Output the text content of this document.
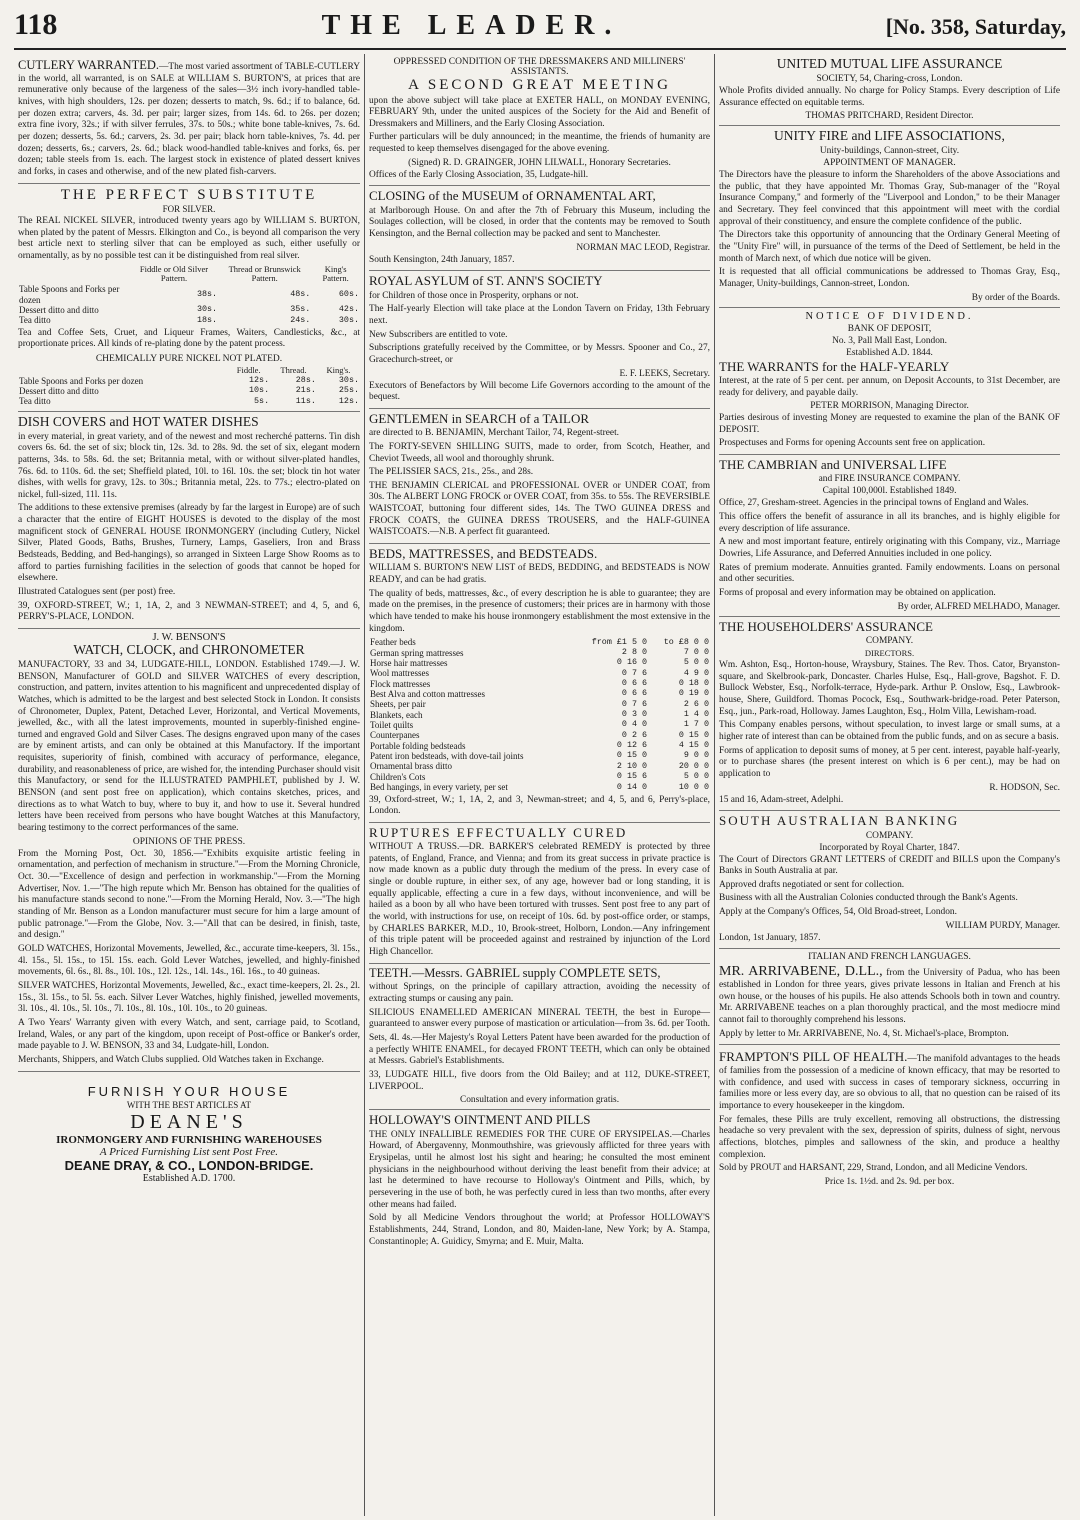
118	THE LEADER.	[No. 358, Saturday,

CUTLERY WARRANTED.—The most varied assortment of TABLE-CUTLERY in the world, all warranted, is on SALE at WILLIAM S. BURTON'S, at prices that are remunerative only because of the largeness of the sales—3½ inch ivory-handled table-knives, with high shoulders, 12s. per dozen; desserts to match, 9s. 6d.; if to balance, 6d. per dozen extra; carvers, 4s. 3d. per pair; larger sizes, from 14s. 6d. to 26s. per dozen; extra fine ivory, 32s.; if with silver ferrules, 37s. to 50s.; white bone table-knives, 7s. 6d. per dozen; desserts, 5s. 6d.; carvers, 2s. 3d. per pair; black horn table-knives, 7s. 4d. per dozen; desserts, 6s.; carvers, 2s. 6d.; black wood-handled table-knives and forks, 6s. per dozen; table steels from 1s. each. The largest stock in existence of plated dessert knives and forks, in cases and otherwise, and of the new plated fish-carvers.

THE PERFECT SUBSTITUTE
FOR SILVER.

The REAL NICKEL SILVER, introduced twenty years ago by WILLIAM S. BURTON, when plated by the patent of Messrs. Elkington and Co., is beyond all comparison the very best article next to sterling silver that can be employed as such, either usefully or ornamentally, as by no possible test can it be distinguished from real silver.

	Fiddle or Old Silver Pattern.	Thread or Brunswick Pattern.	King's Pattern.
Table Spoons and Forks per dozen	38s.	48s.	60s.
Dessert ditto and ditto	30s.	35s.	42s.
Tea ditto	18s.	24s.	30s.

Tea and Coffee Sets, Cruet, and Liqueur Frames, Waiters, Candlesticks, &c., at proportionate prices. All kinds of re-plating done by the patent process.

CHEMICALLY PURE NICKEL NOT PLATED.
	Fiddle.	Thread.	King's.
Table Spoons and Forks per dozen	12s.	28s.	30s.
Dessert ditto and ditto	10s.	21s.	25s.
Tea ditto	5s.	11s.	12s.
DISH COVERS and HOT WATER DISHES

in every material, in great variety, and of the newest and most recherché patterns. Tin dish covers 6s. 6d. the set of six; block tin, 12s. 3d. to 28s. 9d. the set of six, elegant modern patterns, 34s. to 58s. 6d. the set; Britannia metal, with or without silver-plated handles, 76s. 6d. to 110s. 6d. the set; Sheffield plated, 10l. to 16l. 10s. the set; block tin hot water dishes, with wells for gravy, 12s. to 30s.; Britannia metal, 22s. to 77s.; electro-plated on nickel, full-sized, 11l. 11s.

The additions to these extensive premises (already by far the largest in Europe) are of such a character that the entire of EIGHT HOUSES is devoted to the display of the most magnificent stock of GENERAL HOUSE IRONMONGERY (including Cutlery, Nickel Silver, Plated Goods, Baths, Brushes, Turnery, Lamps, Gaseliers, Iron and Brass Bedsteads, Bedding, and Bed-hangings), so arranged in Sixteen Large Show Rooms as to afford to parties furnishing facilities in the selection of goods that cannot be hoped for elsewhere.

Illustrated Catalogues sent (per post) free.

39, OXFORD-STREET, W.; 1, 1A, 2, and 3 NEWMAN-STREET; and 4, 5, and 6, PERRY'S-PLACE, LONDON.

J. W. BENSON'S
WATCH, CLOCK, and CHRONOMETER

MANUFACTORY, 33 and 34, LUDGATE-HILL, LONDON. Established 1749.—J. W. BENSON, Manufacturer of GOLD and SILVER WATCHES of every description, construction, and pattern, invites attention to his magnificent and unprecedented display of Watches, which is admitted to be the largest and best selected Stock in London. It consists of Chronometer, Duplex, Patent, Detached Lever, Horizontal, and Vertical Movements, jewelled, &c., with all the latest improvements, mounted in superbly-finished engine-turned and engraved Gold and Silver Cases. The designs engraved upon many of the cases are by eminent artists, and can only be obtained at this Manufactory. If the important requisites, superiority of finish, combined with accuracy of performance, elegance, durability, and reasonableness of price, are wished for, the intending Purchaser should visit this Manufactory, or send for the ILLUSTRATED PAMPHLET, published by J. W. BENSON (and sent post free on application), which contains sketches, prices, and directions as to what Watch to buy, where to buy it, and how to use it. Several hundred letters have been received from persons who have bought Watches at this Manufactory, bearing testimony to the correct performances of the same.

OPINIONS OF THE PRESS.

From the Morning Post, Oct. 30, 1856.—"Exhibits exquisite artistic feeling in ornamentation, and perfection of mechanism in structure."—From the Morning Chronicle, Oct. 30.—"Excellence of design and perfection in workmanship."—From the Morning Advertiser, Nov. 1.—"The high repute which Mr. Benson has obtained for the qualities of his manufacture stands second to none."—From the Morning Herald, Nov. 3.—"The high standing of Mr. Benson as a London manufacturer must secure for him a large amount of public patronage."—From the Globe, Nov. 3.—"All that can be desired, in finish, taste, and design."

GOLD WATCHES, Horizontal Movements, Jewelled, &c., accurate time-keepers, 3l. 15s., 4l. 15s., 5l. 15s., to 15l. 15s. each. Gold Lever Watches, jewelled, and highly-finished movements, 6l. 6s., 8l. 8s., 10l. 10s., 12l. 12s., 14l. 14s., 16l. 16s., to 40 guineas.

SILVER WATCHES, Horizontal Movements, Jewelled, &c., exact time-keepers, 2l. 2s., 2l. 15s., 3l. 15s., to 5l. 5s. each. Silver Lever Watches, highly finished, jewelled movements, 3l. 10s., 4l. 10s., 5l. 10s., 7l. 10s., 8l. 10s., 10l. 10s., to 20 guineas.

A Two Years' Warranty given with every Watch, and sent, carriage paid, to Scotland, Ireland, Wales, or any part of the kingdom, upon receipt of Post-office or Banker's order, made payable to J. W. BENSON, 33 and 34, Ludgate-hill, London.

Merchants, Shippers, and Watch Clubs supplied. Old Watches taken in Exchange.

FURNISH YOUR HOUSE
WITH THE BEST ARTICLES AT
DEANE'S
IRONMONGERY AND FURNISHING WAREHOUSES
A Priced Furnishing List sent Post Free.
DEANE DRAY, & CO., LONDON-BRIDGE.
Established A.D. 1700.
OPPRESSED CONDITION OF THE DRESSMAKERS AND MILLINERS' ASSISTANTS.
A SECOND GREAT MEETING

upon the above subject will take place at EXETER HALL, on MONDAY EVENING, FEBRUARY 9th, under the united auspices of the Society for the Aid and Benefit of Dressmakers and Milliners, and the Early Closing Association.

Further particulars will be duly announced; in the meantime, the friends of humanity are requested to keep themselves disengaged for the above evening.

(Signed) R. D. GRAINGER, JOHN LILWALL, Honorary Secretaries.

Offices of the Early Closing Association, 35, Ludgate-hill.

CLOSING of the MUSEUM of ORNAMENTAL ART,

at Marlborough House. On and after the 7th of February this Museum, including the Soulages collection, will be closed, in order that the contents may be removed to South Kensington, and the Bernal collection may be packed and sent to Manchester.

NORMAN MAC LEOD, Registrar.

South Kensington, 24th January, 1857.

ROYAL ASYLUM of ST. ANN'S SOCIETY

for Children of those once in Prosperity, orphans or not.

The Half-yearly Election will take place at the London Tavern on Friday, 13th February next.

New Subscribers are entitled to vote.

Subscriptions gratefully received by the Committee, or by Messrs. Spooner and Co., 27, Gracechurch-street, or

E. F. LEEKS, Secretary.

Executors of Benefactors by Will become Life Governors according to the amount of the bequest.

GENTLEMEN in SEARCH of a TAILOR

are directed to B. BENJAMIN, Merchant Tailor, 74, Regent-street.

The FORTY-SEVEN SHILLING SUITS, made to order, from Scotch, Heather, and Cheviot Tweeds, all wool and thoroughly shrunk.

The PELISSIER SACS, 21s., 25s., and 28s.

THE BENJAMIN CLERICAL and PROFESSIONAL OVER or UNDER COAT, from 30s. The ALBERT LONG FROCK or OVER COAT, from 35s. to 55s. The REVERSIBLE WAISTCOAT, buttoning four different sides, 14s. The TWO GUINEA DRESS and FROCK COATS, the GUINEA DRESS TROUSERS, and the HALF-GUINEA WAISTCOATS.—N.B. A perfect fit guaranteed.

BEDS, MATTRESSES, and BEDSTEADS.

WILLIAM S. BURTON'S NEW LIST of BEDS, BEDDING, and BEDSTEADS is NOW READY, and can be had gratis.

The quality of beds, mattresses, &c., of every description he is able to guarantee; they are made on the premises, in the presence of customers; their prices are in harmony with those which have tended to make his house ironmongery establishment the most extensive in the kingdom.

Feather beds	from £1 5 0	to £8 0 0
German spring mattresses	2 8 0	7 0 0
Horse hair mattresses	0 16 0	5 0 0
Wool mattresses	0 7 6	4 9 0
Flock mattresses	0 6 6	0 18 0
Best Alva and cotton mattresses	0 6 6	0 19 0
Sheets, per pair	0 7 6	2 6 0
Blankets, each	0 3 0	1 4 0
Toilet quilts	0 4 0	1 7 0
Counterpanes	0 2 6	0 15 0
Portable folding bedsteads	0 12 6	4 15 0
Patent iron bedsteads, with dove-tail joints	0 15 0	9 0 0
Ornamental brass ditto	2 10 0	20 0 0
Children's Cots	0 15 6	5 0 0
Bed hangings, in every variety, per set	0 14 0	10 0 0

39, Oxford-street, W.; 1, 1A, 2, and 3, Newman-street; and 4, 5, and 6, Perry's-place, London.

RUPTURES EFFECTUALLY CURED

WITHOUT A TRUSS.—DR. BARKER'S celebrated REMEDY is protected by three patents, of England, France, and Vienna; and from its great success in private practice is now made known as a public duty through the medium of the press. In every case of single or double rupture, in either sex, of any age, however bad or long standing, it is equally applicable, effecting a cure in a few days, without inconvenience, and will be hailed as a boon by all who have been tortured with trusses. Sent post free to any part of the world, with instructions for use, on receipt of 10s. 6d. by post-office order, or stamps, by CHARLES BARKER, M.D., 10, Brook-street, Holborn, London.—Any infringement of this triple patent will be proceeded against and restrained by injunction of the Lord High Chancellor.

TEETH.—Messrs. GABRIEL supply COMPLETE SETS,

without Springs, on the principle of capillary attraction, avoiding the necessity of extracting stumps or causing any pain.

SILICIOUS ENAMELLED AMERICAN MINERAL TEETH, the best in Europe—guaranteed to answer every purpose of mastication or articulation—from 3s. 6d. per Tooth.

Sets, 4l. 4s.—Her Majesty's Royal Letters Patent have been awarded for the production of a perfectly WHITE ENAMEL, for decayed FRONT TEETH, which can only be obtained at Messrs. Gabriel's Establishments.

33, LUDGATE HILL, five doors from the Old Bailey; and at 112, DUKE-STREET, LIVERPOOL.

Consultation and every information gratis.

HOLLOWAY'S OINTMENT AND PILLS

THE ONLY INFALLIBLE REMEDIES FOR THE CURE OF ERYSIPELAS.—Charles Howard, of Abergavenny, Monmouthshire, was grievously afflicted for three years with Erysipelas, until he almost lost his sight and hearing; he consulted the most eminent physicians in the neighbourhood without deriving the least benefit from their advice; at last he determined to have recourse to Holloway's Ointment and Pills, which, by persevering in the use of both, he was perfectly cured in less than two months, after every other means had failed.

Sold by all Medicine Vendors throughout the world; at Professor HOLLOWAY'S Establishments, 244, Strand, London, and 80, Maiden-lane, New York; by A. Stampa, Constantinople; A. Guidicy, Smyrna; and E. Muir, Malta.

UNITED MUTUAL LIFE ASSURANCE
SOCIETY, 54, Charing-cross, London.

Whole Profits divided annually. No charge for Policy Stamps. Every description of Life Assurance effected on equitable terms.

THOMAS PRITCHARD, Resident Director.

UNITY FIRE and LIFE ASSOCIATIONS,
Unity-buildings, Cannon-street, City.
APPOINTMENT OF MANAGER.

The Directors have the pleasure to inform the Shareholders of the above Associations and the public, that they have appointed Mr. Thomas Gray, Sub-manager of the "Royal Insurance Company," and formerly of the "Liverpool and London," to be their Manager and Secretary. They feel convinced that this appointment will meet with the cordial approval of their constituency, and ensure the complete confidence of the public.

The Directors take this opportunity of announcing that the Ordinary General Meeting of the "Unity Fire" will, in pursuance of the terms of the Deed of Settlement, be held in the month of March next, of which due notice will be given.

It is requested that all official communications be addressed to Thomas Gray, Esq., Manager, Unity-buildings, Cannon-street, London.

By order of the Boards.

NOTICE OF DIVIDEND.
BANK OF DEPOSIT,
No. 3, Pall Mall East, London.
Established A.D. 1844.
THE WARRANTS for the HALF-YEARLY

Interest, at the rate of 5 per cent. per annum, on Deposit Accounts, to 31st December, are ready for delivery, and payable daily.

PETER MORRISON, Managing Director.

Parties desirous of investing Money are requested to examine the plan of the BANK OF DEPOSIT.

Prospectuses and Forms for opening Accounts sent free on application.

THE CAMBRIAN and UNIVERSAL LIFE
and FIRE INSURANCE COMPANY.
Capital 100,000l. Established 1849.

Office, 27, Gresham-street. Agencies in the principal towns of England and Wales.

This office offers the benefit of assurance in all its branches, and is highly eligible for every description of life assurance.

A new and most important feature, entirely originating with this Company, viz., Marriage Dowries, Life Assurance, and Deferred Annuities included in one policy.

Rates of premium moderate. Annuities granted. Family endowments. Loans on personal and other securities.

Forms of proposal and every information may be obtained on application.

By order, ALFRED MELHADO, Manager.

THE HOUSEHOLDERS' ASSURANCE
COMPANY.
DIRECTORS.

Wm. Ashton, Esq., Horton-house, Wraysbury, Staines. The Rev. Thos. Cator, Bryanston-square, and Skelbrook-park, Doncaster. Charles Hulse, Esq., Hall-grove, Bagshot. F. D. Bullock Webster, Esq., Norfolk-terrace, Hyde-park. Arthur P. Onslow, Esq., Lawbrook-house, Shere, Guildford. Thomas Pocock, Esq., Southwark-bridge-road. Peter Paterson, Esq., jun., Park-road, Holloway. James Laughton, Esq., Holm Villa, Lewisham-road.

This Company enables persons, without speculation, to invest large or small sums, at a higher rate of interest than can be obtained from the public funds, and on as secure a basis.

Forms of application to deposit sums of money, at 5 per cent. interest, payable half-yearly, or to purchase shares (the present interest on which is 6 per cent.), may be had on application to

R. HODSON, Sec.

15 and 16, Adam-street, Adelphi.

SOUTH AUSTRALIAN BANKING
COMPANY.
Incorporated by Royal Charter, 1847.

The Court of Directors GRANT LETTERS of CREDIT and BILLS upon the Company's Banks in South Australia at par.

Approved drafts negotiated or sent for collection.

Business with all the Australian Colonies conducted through the Bank's Agents.

Apply at the Company's Offices, 54, Old Broad-street, London.

WILLIAM PURDY, Manager.

London, 1st January, 1857.

ITALIAN AND FRENCH LANGUAGES.

MR. ARRIVABENE, D.LL., from the University of Padua, who has been established in London for three years, gives private lessons in Italian and French at his own house, or the houses of his pupils. He also attends Schools both in town and country. Mr. ARRIVABENE teaches on a plan thoroughly practical, and the most mediocre mind cannot fail to thoroughly comprehend his lessons.

Apply by letter to Mr. ARRIVABENE, No. 4, St. Michael's-place, Brompton.

FRAMPTON'S PILL OF HEALTH.—The manifold advantages to the heads of families from the possession of a medicine of known efficacy, that may be resorted to with confidence, and used with success in cases of temporary sickness, occurring in families more or less every day, are so obvious to all, that no question can be raised of its importance to every housekeeper in the kingdom.

For females, these Pills are truly excellent, removing all obstructions, the distressing headache so very prevalent with the sex, depression of spirits, dulness of sight, nervous affections, blotches, pimples and sallowness of the skin, and produce a healthy complexion.

Sold by PROUT and HARSANT, 229, Strand, London, and all Medicine Vendors.

Price 1s. 1½d. and 2s. 9d. per box.
